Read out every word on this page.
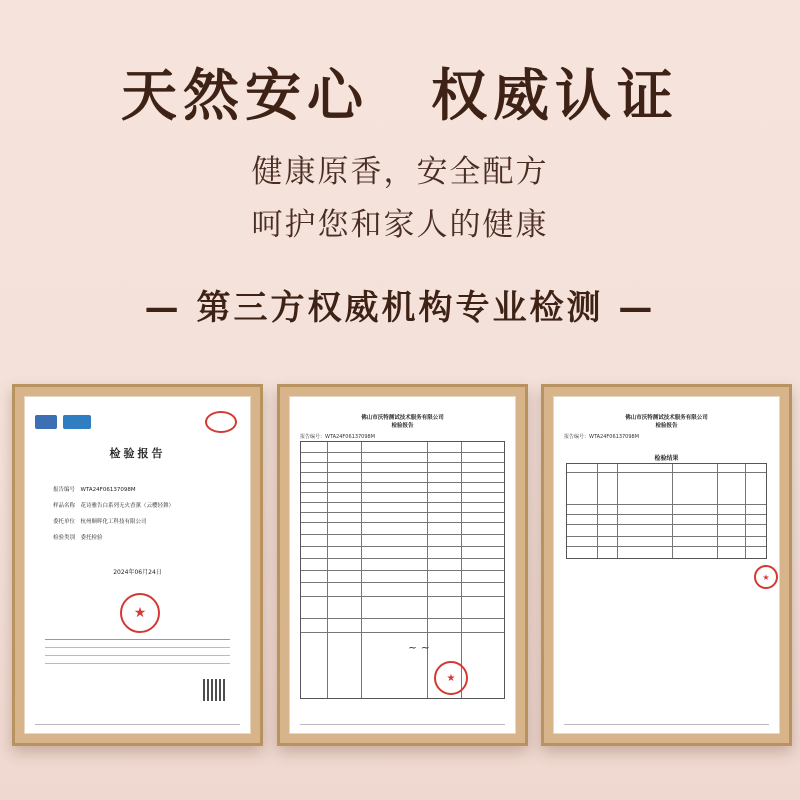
天然安心　权威认证
健康原香，安全配方
呵护您和家人的健康
— 第三方权威机构专业检测 —
检验报告
报告编号　 WTA24F06137098M
样品名称　 花诗雅告白系列无火香薰（云樱轻舞）
委托单位　 杭州顺晖化工科技有限公司
检验类别　 委托检验
2024年06月24日
★
佛山市沃特测试技术服务有限公司
检验报告
报告编号：WTA24F06137098M
★
~ ~
佛山市沃特测试技术服务有限公司
检验报告
报告编号：WTA24F06137098M
检验结果
★
